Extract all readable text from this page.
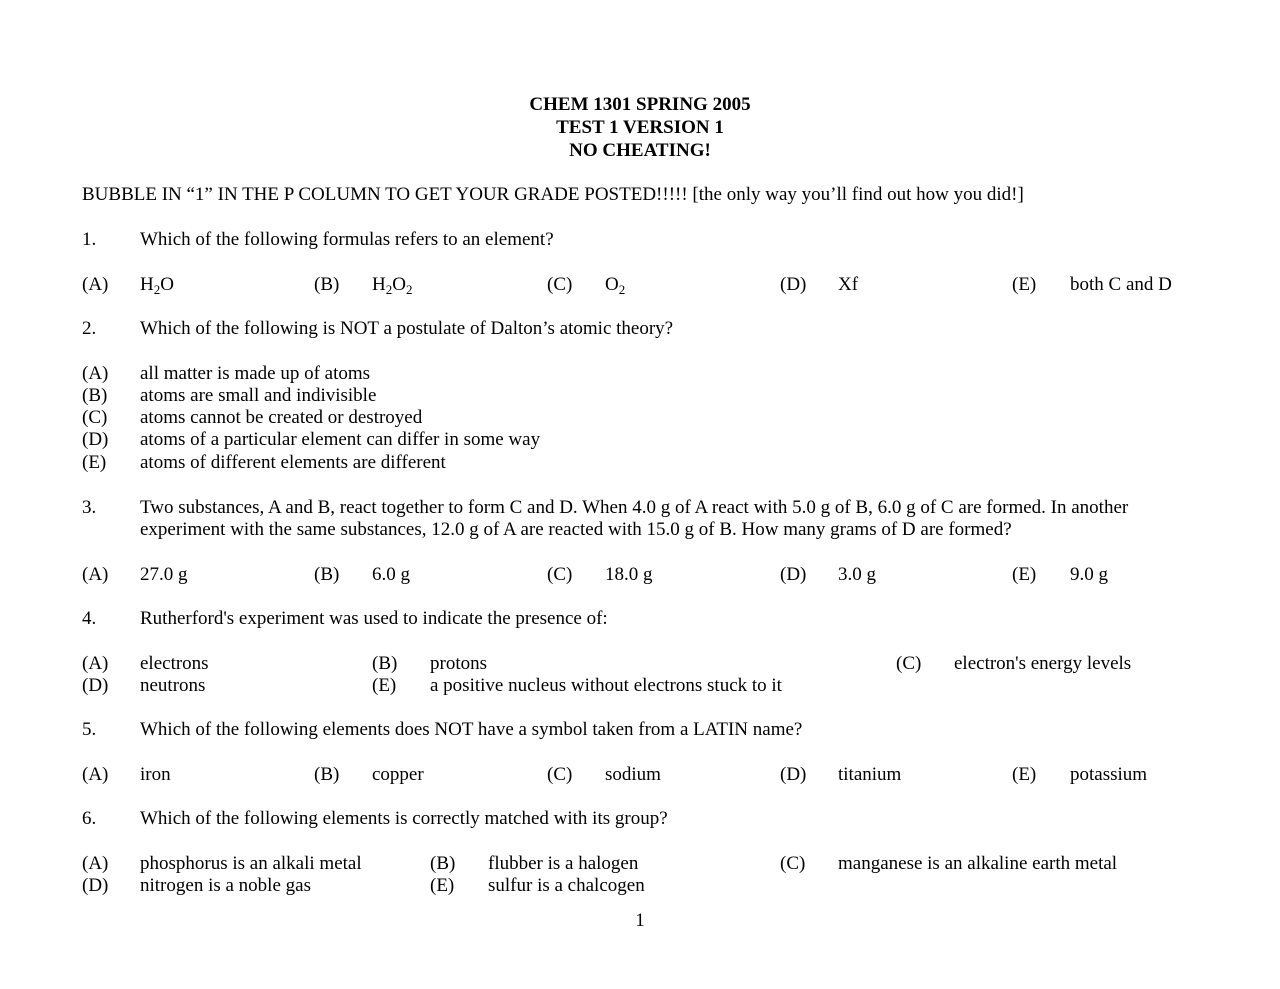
CHEM 1301 SPRING 2005
TEST 1 VERSION 1
NO CHEATING!
BUBBLE IN “1” IN THE P COLUMN TO GET YOUR GRADE POSTED!!!!! [the only way you’ll find out how you did!]
1. Which of the following formulas refers to an element?
(A) $H_2O$	(B) $H_2O_2$	(C) $O_2$	(D) Xf	(E) both C and D
2. Which of the following is NOT a postulate of Dalton’s atomic theory?
(A) all matter is made up of atoms
(B) atoms are small and indivisible
(C) atoms cannot be created or destroyed
(D) atoms of a particular element can differ in some way
(E) atoms of different elements are different
3. Two substances, A and B, react together to form C and D. When 4.0 g of A react with 5.0 g of B, 6.0 g of C are formed. In another
experiment with the same substances, 12.0 g of A are reacted with 15.0 g of B. How many grams of D are formed?
(A) 27.0 g	(B) 6.0 g	(C) 18.0 g	(D) 3.0 g	(E) 9.0 g
4. Rutherford's experiment was used to indicate the presence of:
(A) electrons	(B) protons	(C) electron's energy levels
(D) neutrons	(E) a positive nucleus without electrons stuck to it
5. Which of the following elements does NOT have a symbol taken from a LATIN name?
(A) iron	(B) copper	(C) sodium	(D) titanium	(E) potassium
6. Which of the following elements is correctly matched with its group?
(A) phosphorus is an alkali metal	(B) flubber is a halogen	(C) manganese is an alkaline earth metal
(D) nitrogen is a noble gas	(E) sulfur is a chalcogen
1
